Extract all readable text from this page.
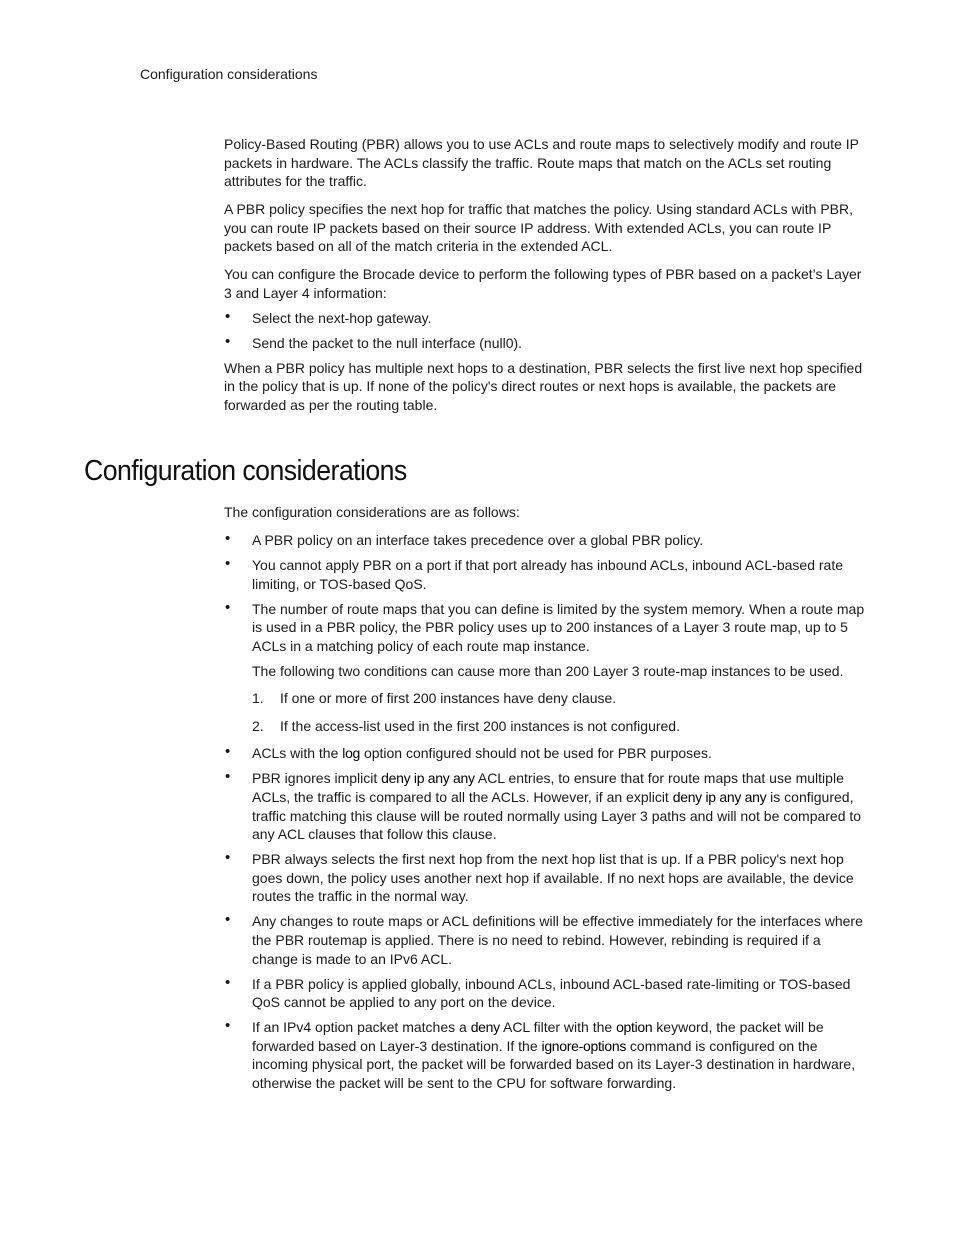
Configuration considerations

Policy-Based Routing (PBR) allows you to use ACLs and route maps to selectively modify and route IP packets in hardware. The ACLs classify the traffic. Route maps that match on the ACLs set routing attributes for the traffic.

A PBR policy specifies the next hop for traffic that matches the policy. Using standard ACLs with PBR, you can route IP packets based on their source IP address. With extended ACLs, you can route IP packets based on all of the match criteria in the extended ACL.

You can configure the Brocade device to perform the following types of PBR based on a packet’s Layer 3 and Layer 4 information:

• Select the next-hop gateway.
• Send the packet to the null interface (null0).

When a PBR policy has multiple next hops to a destination, PBR selects the first live next hop specified in the policy that is up. If none of the policy's direct routes or next hops is available, the packets are forwarded as per the routing table.

Configuration considerations

The configuration considerations are as follows:

• A PBR policy on an interface takes precedence over a global PBR policy.
• You cannot apply PBR on a port if that port already has inbound ACLs, inbound ACL-based rate limiting, or TOS-based QoS.
• The number of route maps that you can define is limited by the system memory. When a route map is used in a PBR policy, the PBR policy uses up to 200 instances of a Layer 3 route map, up to 5 ACLs in a matching policy of each route map instance.

The following two conditions can cause more than 200 Layer 3 route-map instances to be used.

1. If one or more of first 200 instances have deny clause.
2. If the access-list used in the first 200 instances is not configured.
• ACLs with the log option configured should not be used for PBR purposes.
• PBR ignores implicit deny ip any any ACL entries, to ensure that for route maps that use multiple ACLs, the traffic is compared to all the ACLs. However, if an explicit deny ip any any is configured, traffic matching this clause will be routed normally using Layer 3 paths and will not be compared to any ACL clauses that follow this clause.
• PBR always selects the first next hop from the next hop list that is up. If a PBR policy's next hop goes down, the policy uses another next hop if available. If no next hops are available, the device routes the traffic in the normal way.
• Any changes to route maps or ACL definitions will be effective immediately for the interfaces where the PBR routemap is applied. There is no need to rebind. However, rebinding is required if a change is made to an IPv6 ACL.
• If a PBR policy is applied globally, inbound ACLs, inbound ACL-based rate-limiting or TOS-based QoS cannot be applied to any port on the device.
• If an IPv4 option packet matches a deny ACL filter with the option keyword, the packet will be forwarded based on Layer-3 destination. If the ignore-options command is configured on the incoming physical port, the packet will be forwarded based on its Layer-3 destination in hardware, otherwise the packet will be sent to the CPU for software forwarding.
